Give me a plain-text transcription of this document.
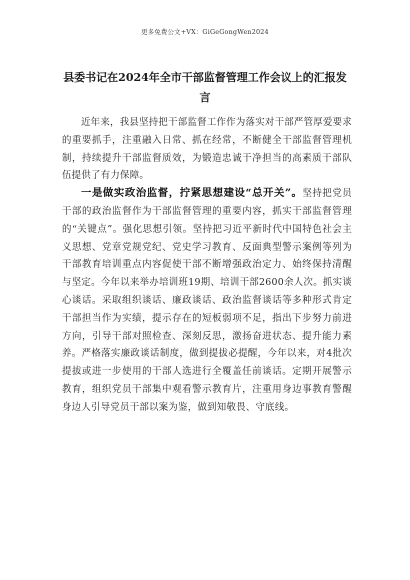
更多免费公文+VX：GiGeGongWen2024
县委书记在2024年全市干部监督管理工作会议上的汇报发言

近年来，我县坚持把干部监督工作作为落实对干部严管厚爱要求的重要抓手，注重融入日常、抓在经常，不断健全干部监督管理机制，持续提升干部监督质效，为锻造忠诚干净担当的高素质干部队伍提供了有力保障。

一是做实政治监督，拧紧思想建设“总开关”。坚持把党员干部的政治监督作为干部监督管理的重要内容，抓实干部监督管理的“关键点”。强化思想引领。坚持把习近平新时代中国特色社会主义思想、党章党规党纪、党史学习教育、反面典型警示案例等列为干部教育培训重点内容促使干部不断增强政治定力、始终保持清醒与坚定。今年以来举办培训班19期、培训干部2600余人次。抓实谈心谈话。采取组织谈话、廉政谈话、政治监督谈话等多种形式肯定干部担当作为实绩，提示存在的短板弱项不足，指出下步努力前进方向，引导干部对照检查、深刻反思，激扬奋进状态、提升能力素养。严格落实廉政谈话制度，做到提拔必提醒，今年以来，对4批次提拔或进一步使用的干部人选进行全覆盖任前谈话。定期开展警示教育，组织党员干部集中观看警示教育片，注重用身边事教育警醒身边人引导党员干部以案为鉴，做到知敬畏、守底线。
